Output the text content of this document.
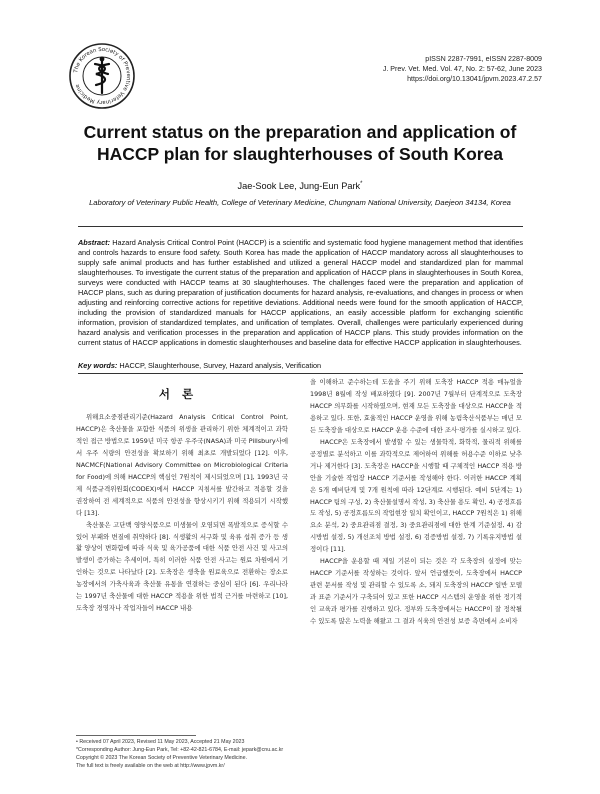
The Korean Society of Preventive Veterinary Medicine
pISSN 2287-7991, eISSN 2287-8009
J. Prev. Vet. Med. Vol. 47, No. 2: 57-62, June 2023
https://doi.org/10.13041/jpvm.2023.47.2.57
Current status on the preparation and application of
HACCP plan for slaughterhouses of South Korea
Jae-Sook Lee, Jung-Eun Park*
Laboratory of Veterinary Public Health, College of Veterinary Medicine, Chungnam National University, Daejeon 34134, Korea
Abstract: Hazard Analysis Critical Control Point (HACCP) is a scientific and systematic food hygiene management method that identifies and controls hazards to ensure food safety. South Korea has made the application of HACCP mandatory across all slaughterhouses to supply safe animal products and has further established and utilized a general HACCP model and standardized plan for mammal slaughterhouses. To investigate the current status of the preparation and application of HACCP plans in slaughterhouses in South Korea, surveys were conducted with HACCP teams at 30 slaughterhouses. The challenges faced were the preparation and application of HACCP plans, such as during preparation of justification documents for hazard analysis, re-evaluations, and changes in process or when adjusting and reinforcing corrective actions for repetitive deviations. Additional needs were found for the smooth application of HACCP, including the provision of standardized manuals for HACCP applications, an easily accessible platform for exchanging scientific information, provision of standardized templates, and unification of templates. Overall, challenges were particularly experienced during hazard analysis and verification processes in the preparation and application of HACCP plans. This study provides information on the current status of HACCP applications in domestic slaughterhouses and baseline data for effective HACCP application in slaughterhouses.
Key words: HACCP, Slaughterhouse, Survey, Hazard analysis, Verification
서 론

위해요소중점관리기준(Hazard Analysis Critical Control Point, HACCP)은 축산물을 포함한 식품의 위생을 관리하기 위한 체계적이고 과학적인 접근 방법으로 1959년 미국 항공 우주국(NASA)과 미국 Pillsbury사에서 우주 식량의 안전성을 확보하기 위해 최초로 개발되었다 [12]. 이후, NACMCF(National Advisory Committee on Microbiological Criteria for Food)에 의해 HACCP의 핵심인 7원칙이 제시되었으며 [1], 1993년 국제 식품규격위원회(CODEX)에서 HACCP 지침서를 발간하고 적용할 것을 권장하여 전 세계적으로 식품의 안전성을 향상시키기 위해 적용되기 시작했다 [13].

축산물은 고단백 영양식품으로 미생물이 오염되면 폭발적으로 증식할 수 있어 부패와 변질에 취약하다 [8]. 식생활의 서구화 및 육류 섭취 증가 등 생활 양상이 변화함에 따라 식육 및 육가공품에 대한 식품 안전 사건 및 사고의 발생이 증가하는 추세이며, 특히 이러한 식품 안전 사고는 원료 차원에서 기인하는 것으로 나타났다 [2]. 도축장은 생축을 원료육으로 전환하는 장소로 농장에서의 가축사육과 축산물 유통을 연결하는 중심이 된다 [6]. 우리나라는 1997년 축산물에 대한 HACCP 적용을 위한 법적 근거를 마련하고 [10], 도축장 경영자나 작업자들이 HACCP 내용

을 이해하고 준수하는데 도움을 주기 위해 도축장 HACCP 적용 매뉴얼을 1998년 8월에 작성 배포하였다 [9]. 2007년 7월부터 단계적으로 도축장 HACCP 의무화를 시작하였으며, 현재 모든 도축장을 대상으로 HACCP을 적용하고 있다. 또한, 효율적인 HACCP 운영을 위해 농림축산식품부는 매년 모든 도축장을 대상으로 HACCP 운용 수준에 대한 조사·평가를 실시하고 있다.

HACCP은 도축장에서 발생할 수 있는 생물학적, 화학적, 물리적 위해를 공정별로 분석하고 이를 과학적으로 제어하여 위해를 허용수준 이하로 낮추거나 제거한다 [3]. 도축장은 HACCP을 시행할 때 구체적인 HACCP 적용 방안을 기술한 작업장 HACCP 기준서를 작성해야 한다. 이러한 HACCP 계획은 5개 예비단계 및 7개 원칙에 따라 12단계로 시행된다. 예비 5단계는 1) HACCP 팀의 구성, 2) 축산물설명서 작성, 3) 축산물 용도 확인, 4) 공정흐름도 작성, 5) 공정흐름도의 작업현장 일치 확인이고, HACCP 7원칙은 1) 위해요소 분석, 2) 중요관리점 결정, 3) 중요관리점에 대한 한계 기준설정, 4) 감시방법 설정, 5) 개선조치 방법 설정, 6) 검증방법 설정, 7) 기록유지방법 설정이다 [11].

HACCP을 운용할 때 제일 기본이 되는 것은 각 도축장의 실정에 맞는 HACCP 기준서를 작성하는 것이다. 앞서 언급했듯이, 도축장에서 HACCP 관련 문서를 작성 및 관리할 수 있도록 소, 돼지 도축장의 HACCP 일반 모델과 표준 기준서가 구축되어 있고 또한 HACCP 시스템의 운영을 위한 정기적인 교육과 평가를 진행하고 있다. 정부와 도축장에서는 HACCP이 잘 정착될 수 있도록 많은 노력을 해왔고 그 결과 식육의 안전성 보증 측면에서 소비자

• Received 07 April 2023, Revised 11 May 2023, Accepted 21 May 2023
*Corresponding Author: Jung-Eun Park, Tel: +82-42-821-6784, E-mail: jepark@cnu.ac.kr
Copyright © 2023 The Korean Society of Preventive Veterinary Medicine.
The full text is freely available on the web at http://www.jpvm.kr/
